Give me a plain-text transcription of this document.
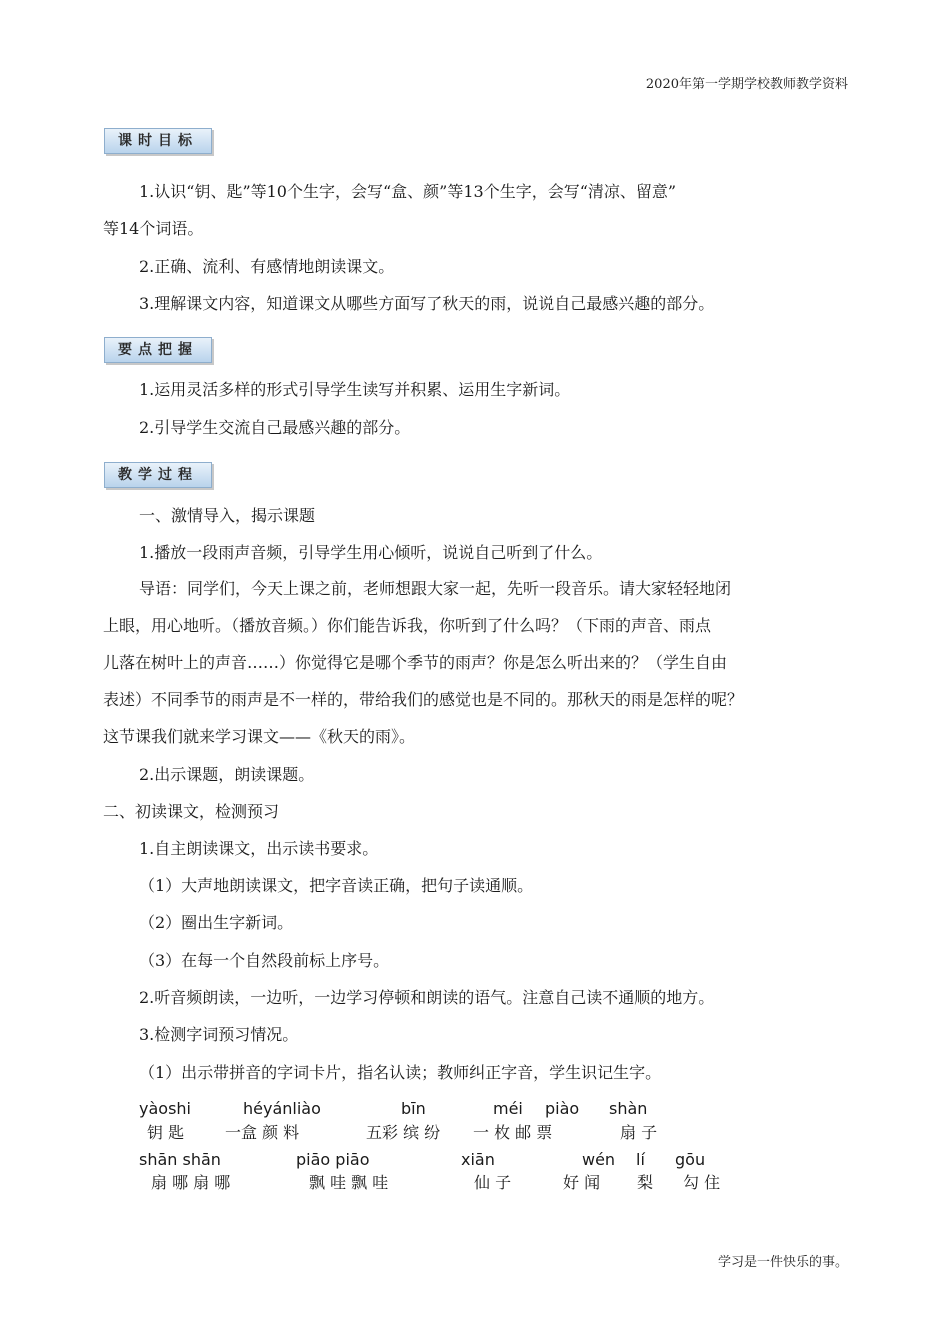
2020年第一学期学校教师教学资料
课时目标
1.认识“钥、匙”等10个生字，会写“盒、颜”等13个生字，会写“清凉、留意”
等14个词语。
2.正确、流利、有感情地朗读课文。
3.理解课文内容，知道课文从哪些方面写了秋天的雨，说说自己最感兴趣的部分。
要点把握
1.运用灵活多样的形式引导学生读写并积累、运用生字新词。
2.引导学生交流自己最感兴趣的部分。
教学过程
一、激情导入，揭示课题
1.播放一段雨声音频，引导学生用心倾听，说说自己听到了什么。
导语：同学们，今天上课之前，老师想跟大家一起，先听一段音乐。请大家轻轻地闭
上眼，用心地听。（播放音频。）你们能告诉我，你听到了什么吗？（下雨的声音、雨点
儿落在树叶上的声音……）你觉得它是哪个季节的雨声？你是怎么听出来的？（学生自由
表述）不同季节的雨声是不一样的，带给我们的感觉也是不同的。那秋天的雨是怎样的呢？
这节课我们就来学习课文——《秋天的雨》。
2.出示课题，朗读课题。
二、初读课文，检测预习
1.自主朗读课文，出示读书要求。
（1）大声地朗读课文，把字音读正确，把句子读通顺。
（2）圈出生字新词。
（3）在每一个自然段前标上序号。
2.听音频朗读，一边听，一边学习停顿和朗读的语气。注意自己读不通顺的地方。
3.检测字词预习情况。
（1）出示带拼音的字词卡片，指名认读；教师纠正字音，学生识记生字。
yàoshi
钥 匙
héyánliào
一盒 颜 料
bīn
五彩 缤 纷
méi
一 枚 邮 票
piào shàn
扇 子
shān shān
扇 哪 扇 哪
piāo piāo
飘 哇 飘 哇
xiān
仙 子
wén
好 闻
lí
梨
gōu
勾 住
学习是一件快乐的事。
